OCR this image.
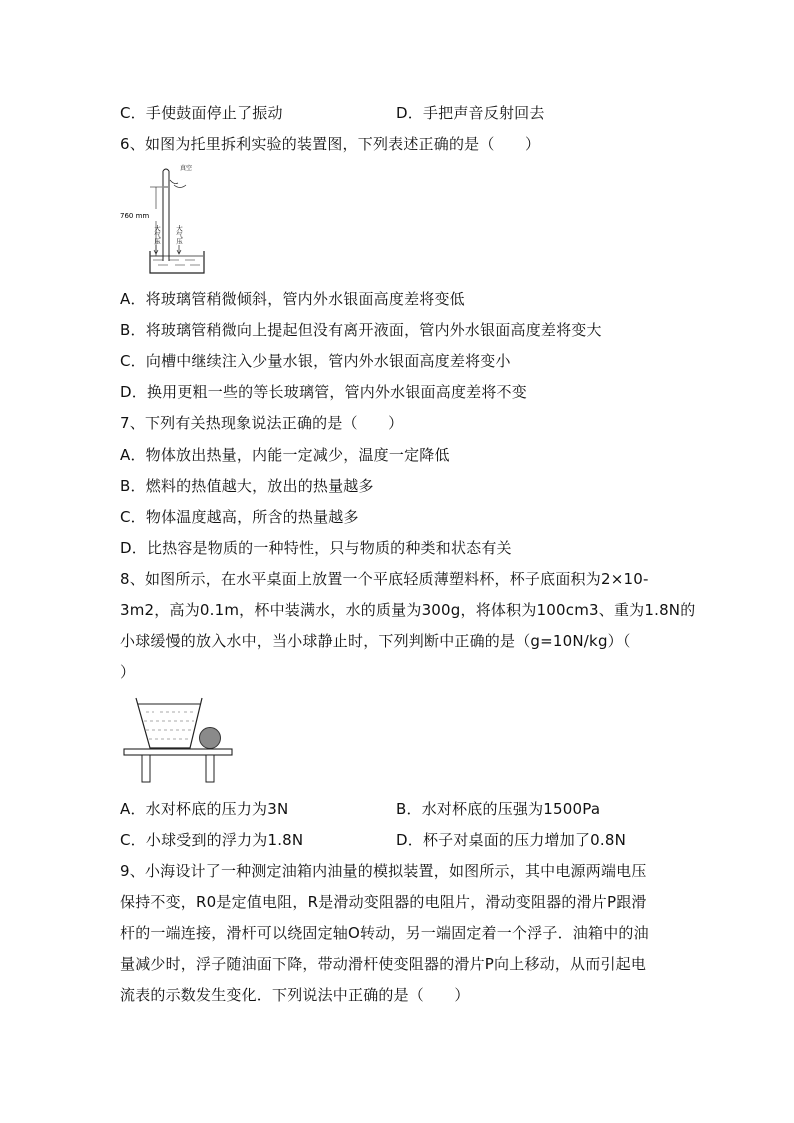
C．手使鼓面停止了振动	D．手把声音反射回去
6、如图为托里拆利实验的装置图，下列表述正确的是（　　）
760 mm
真空
大气压 大气压
A．将玻璃管稍微倾斜，管内外水银面高度差将变低
B．将玻璃管稍微向上提起但没有离开液面，管内外水银面高度差将变大
C．向槽中继续注入少量水银，管内外水银面高度差将变小
D．换用更粗一些的等长玻璃管，管内外水银面高度差将不变
7、下列有关热现象说法正确的是（　　）
A．物体放出热量，内能一定减少，温度一定降低
B．燃料的热值越大，放出的热量越多
C．物体温度越高，所含的热量越多
D．比热容是物质的一种特性，只与物质的种类和状态有关
8、如图所示，在水平桌面上放置一个平底轻质薄塑料杯，杯子底面积为2×10-
3m2，高为0.1m，杯中装满水，水的质量为300g，将体积为100cm3、重为1.8N的
小球缓慢的放入水中，当小球静止时，下列判断中正确的是（g=10N/kg）（
）
A．水对杯底的压力为3N	B．水对杯底的压强为1500Pa
C．小球受到的浮力为1.8N	D．杯子对桌面的压力增加了0.8N
9、小海设计了一种测定油箱内油量的模拟装置，如图所示，其中电源两端电压
保持不变，R0是定值电阻，R是滑动变阻器的电阻片，滑动变阻器的滑片P跟滑
杆的一端连接，滑杆可以绕固定轴O转动，另一端固定着一个浮子．油箱中的油
量减少时，浮子随油面下降，带动滑杆使变阻器的滑片P向上移动，从而引起电
流表的示数发生变化．下列说法中正确的是（　　）
